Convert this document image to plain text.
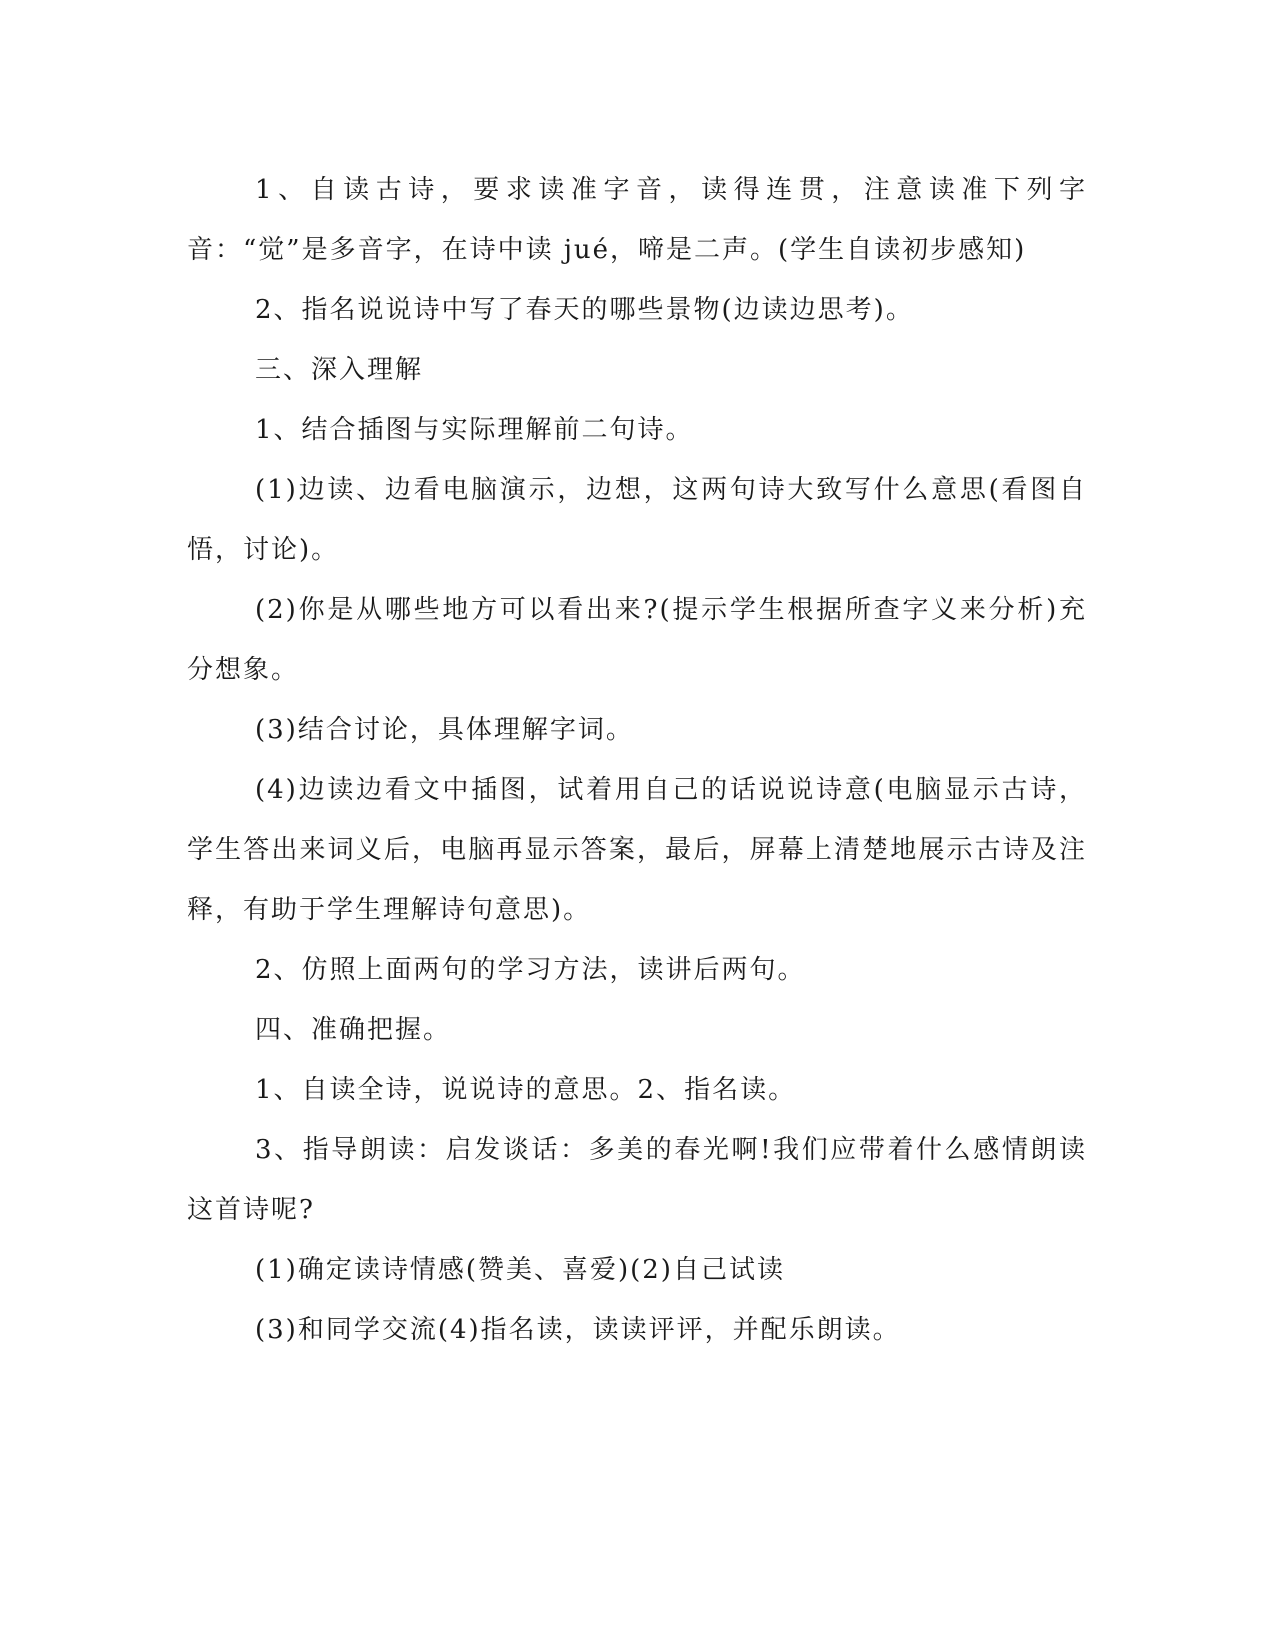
1、自读古诗，要求读准字音，读得连贯，注意读准下列字音：“觉”是多音字，在诗中读 jué，啼是二声。(学生自读初步感知)

2、指名说说诗中写了春天的哪些景物(边读边思考)。

三、深入理解

1、结合插图与实际理解前二句诗。

(1)边读、边看电脑演示，边想，这两句诗大致写什么意思(看图自悟，讨论)。

(2)你是从哪些地方可以看出来?(提示学生根据所查字义来分析)充分想象。

(3)结合讨论，具体理解字词。

(4)边读边看文中插图，试着用自己的话说说诗意(电脑显示古诗，学生答出来词义后，电脑再显示答案，最后，屏幕上清楚地展示古诗及注释，有助于学生理解诗句意思)。

2、仿照上面两句的学习方法，读讲后两句。

四、准确把握。

1、自读全诗，说说诗的意思。2、指名读。

3、指导朗读：启发谈话：多美的春光啊!我们应带着什么感情朗读这首诗呢?

(1)确定读诗情感(赞美、喜爱)(2)自己试读

(3)和同学交流(4)指名读，读读评评，并配乐朗读。
